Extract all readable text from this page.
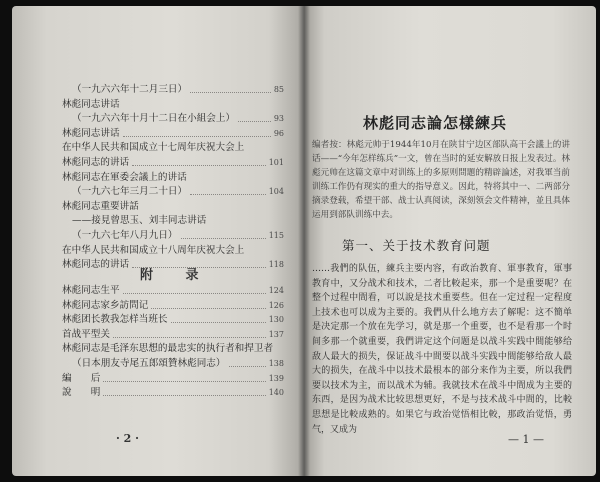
（一九六六年十二月三日）	85
林彪同志讲话
（一九六六年十月十二日在小組会上）	93
林彪同志讲话	96
在中华人民共和国成立十七周年庆祝大会上
林彪同志的讲话	101
林彪同志在軍委会議上的讲话
（一九六七年三月二十日）	104
林彪同志重要讲話
——接見曾思玉、刘丰同志讲话
（一九六七年八月九日）	115
在中华人民共和国成立十八周年庆祝大会上
林彪同志的讲话	118
附 录
林彪同志生平	124
林彪同志家乡訪問记	126
林彪团长教我怎样当班长	130
首战平型关	137
林彪同志是毛泽东思想的最忠实的执行者和捍卫者
（日本朋友寺尾五郎頌贊林彪同志）	138
編　　后	139
說　　明	140
· 2 ·
林彪同志論怎樣練兵
编者按：林彪元帅于1944年10月在陕甘宁边区部队高干会議上的讲话——“今年怎样练兵”一文，曾在当时的延安解放日报上发表过。林彪元帅在这篇文章中对训练上的多原则問題的精辟論述，对我軍当前训练工作仍有现实的重大的指导意义。因此，特将其中一、二两部分摘录登载，希望干部、战士认真阅读，深刻领会文件精神，並且具体运用到部队训练中去。
第一、关于技术教育问题
……我們的队伍，練兵主要内容，有政治教育、軍事教育，軍事教育中，又分战术和技术，二者比較起来，那一个是重要呢？在整个过程中間看，可以說是技术重要些。但在一定过程一定程度上技术也可以成为主要的。我們从什么地方去了解呢：这不簡单是决定那一个放在先学习，就是那一个重要，也不是看那一个时间多那一个就重要，我們讲定这个问题是以战斗实践中間能够给敌人最大的损失，保证战斗中間要以战斗实践中間能够给敌人最大的损失，在战斗中以技术最根本的部分来作为主要，所以我們要以技术为主，而以战术为辅。我就技术在战斗中間成为主要的东西，是因为战术比较思想更好，不是与技术战斗中間的，比較思想是比較成熟的。如果它与政治觉悟相比較，那政治觉悟，勇气，又成为
— 1 —
